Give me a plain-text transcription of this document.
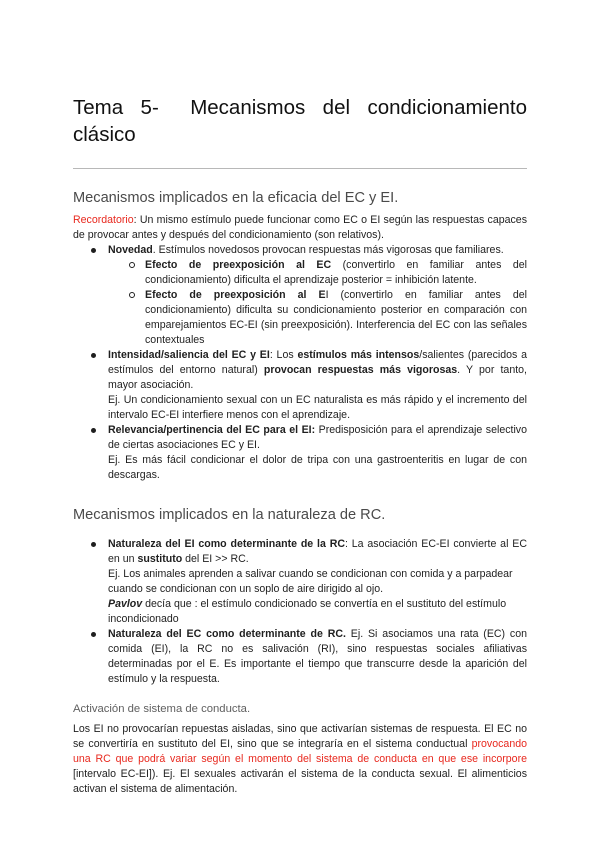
Tema 5- Mecanismos del condicionamiento clásico
Mecanismos implicados en la eficacia del EC y EI.

Recordatorio: Un mismo estímulo puede funcionar como EC o EI según las respuestas capaces de provocar antes y después del condicionamiento (son relativos).

Novedad. Estímulos novedosos provocan respuestas más vigorosas que familiares.
Efecto de preexposición al EC (convertirlo en familiar antes del condicionamiento) dificulta el aprendizaje posterior = inhibición latente.
Efecto de preexposición al EI (convertirlo en familiar antes del condicionamiento) dificulta su condicionamiento posterior en comparación con emparejamientos EC-EI (sin preexposición). Interferencia del EC con las señales contextuales
Intensidad/saliencia del EC y EI: Los estímulos más intensos/salientes (parecidos a estímulos del entorno natural) provocan respuestas más vigorosas. Y por tanto, mayor asociación.
Ej. Un condicionamiento sexual con un EC naturalista es más rápido y el incremento del intervalo EC-EI interfiere menos con el aprendizaje.
Relevancia/pertinencia del EC para el EI: Predisposición para el aprendizaje selectivo de ciertas asociaciones EC y EI.
Ej. Es más fácil condicionar el dolor de tripa con una gastroenteritis en lugar de con descargas.
Mecanismos implicados en la naturaleza de RC.
Naturaleza del EI como determinante de la RC: La asociación EC-EI convierte al EC en un sustituto del EI >> RC.
Ej. Los animales aprenden a salivar cuando se condicionan con comida y a parpadear cuando se condicionan con un soplo de aire dirigido al ojo.
Pavlov decía que : el estímulo condicionado se convertía en el sustituto del estímulo incondicionado
Naturaleza del EC como determinante de RC. Ej. Si asociamos una rata (EC) con comida (EI), la RC no es salivación (RI), sino respuestas sociales afiliativas determinadas por el E. Es importante el tiempo que transcurre desde la aparición del estímulo y la respuesta.
Activación de sistema de conducta.

Los EI no provocarían repuestas aisladas, sino que activarían sistemas de respuesta. El EC no se convertiría en sustituto del EI, sino que se integraría en el sistema conductual provocando una RC que podrá variar según el momento del sistema de conducta en que ese incorpore [intervalo EC-EI]). Ej. El sexuales activarán el sistema de la conducta sexual. El alimenticios activan el sistema de alimentación.
